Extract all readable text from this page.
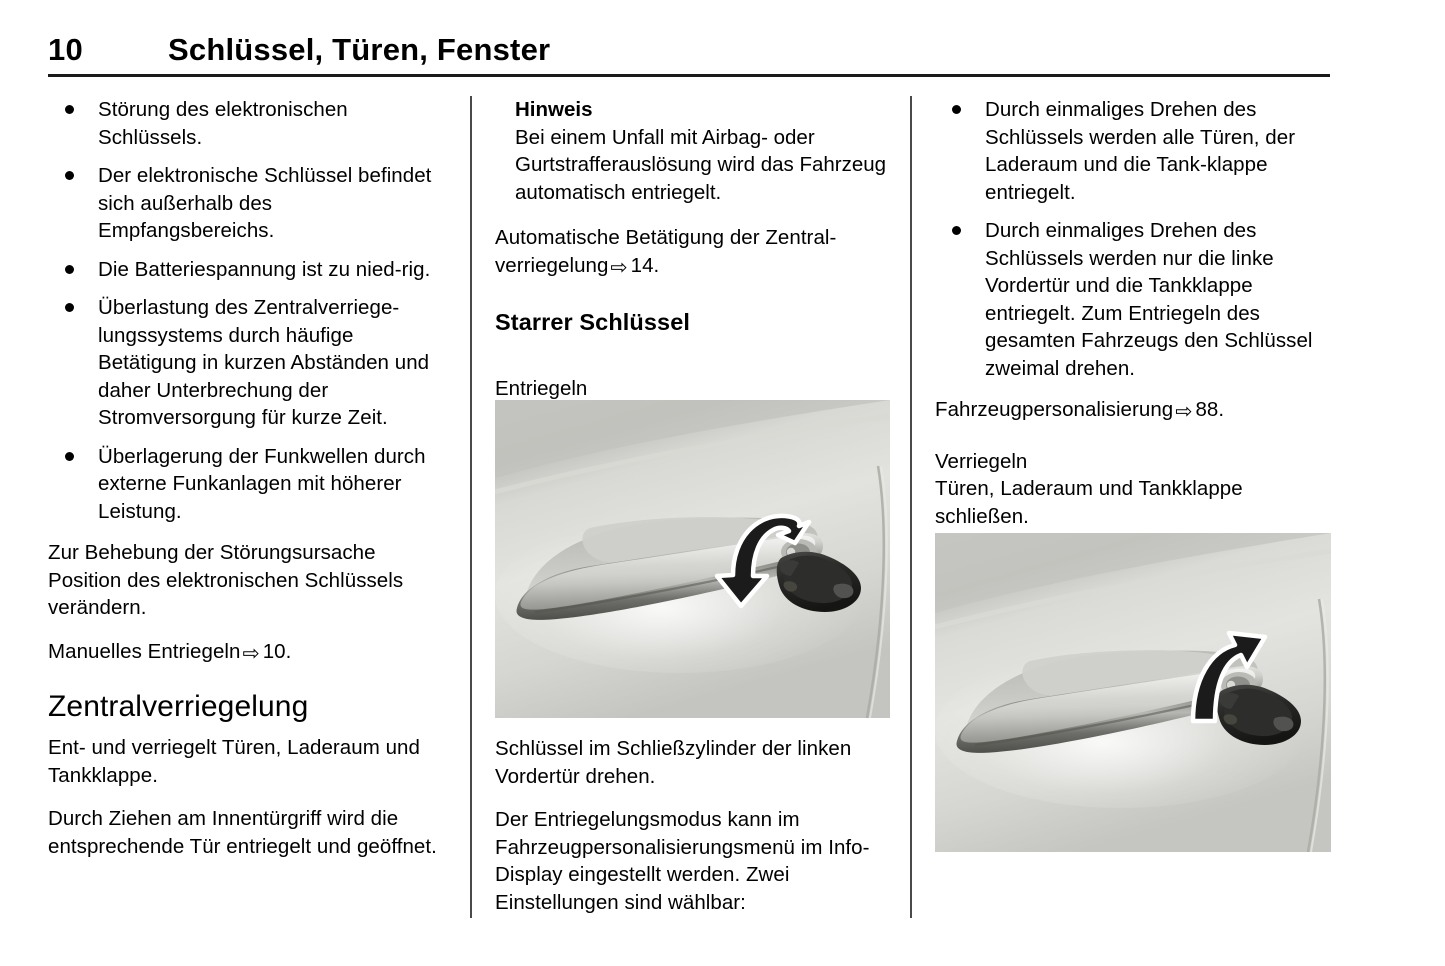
10	Schlüssel, Türen, Fenster
Störung des elektronischen Schlüssels.
Der elektronische Schlüssel befindet sich außerhalb des Empfangsbereichs.
Die Batteriespannung ist zu nied-rig.
Überlastung des Zentralverriege-lungssystems durch häufige Betätigung in kurzen Abständen und daher Unterbrechung der Stromversorgung für kurze Zeit.
Überlagerung der Funkwellen durch externe Funkanlagen mit höherer Leistung.

Zur Behebung der Störungsursache Position des elektronischen Schlüssels verändern.

Manuelles Entriegeln⇨ 10.

Zentralverriegelung

Ent- und verriegelt Türen, Laderaum und Tankklappe.

Durch Ziehen am Innentürgriff wird die entsprechende Tür entriegelt und geöffnet.

Hinweis

Bei einem Unfall mit Airbag- oder Gurtstrafferauslösung wird das Fahrzeug automatisch entriegelt.

Automatische Betätigung der Zentral-verriegelung⇨ 14.

Starrer Schlüssel

Entriegeln

Schlüssel im Schließzylinder der linken Vordertür drehen.

Der Entriegelungsmodus kann im Fahrzeugpersonalisierungsmenü im Info-Display eingestellt werden. Zwei Einstellungen sind wählbar:

Durch einmaliges Drehen des Schlüssels werden alle Türen, der Laderaum und die Tank-klappe entriegelt.
Durch einmaliges Drehen des Schlüssels werden nur die linke Vordertür und die Tankklappe entriegelt. Zum Entriegeln des gesamten Fahrzeugs den Schlüssel zweimal drehen.

Fahrzeugpersonalisierung⇨ 88.

Verriegeln

Türen, Laderaum und Tankklappe schließen.
